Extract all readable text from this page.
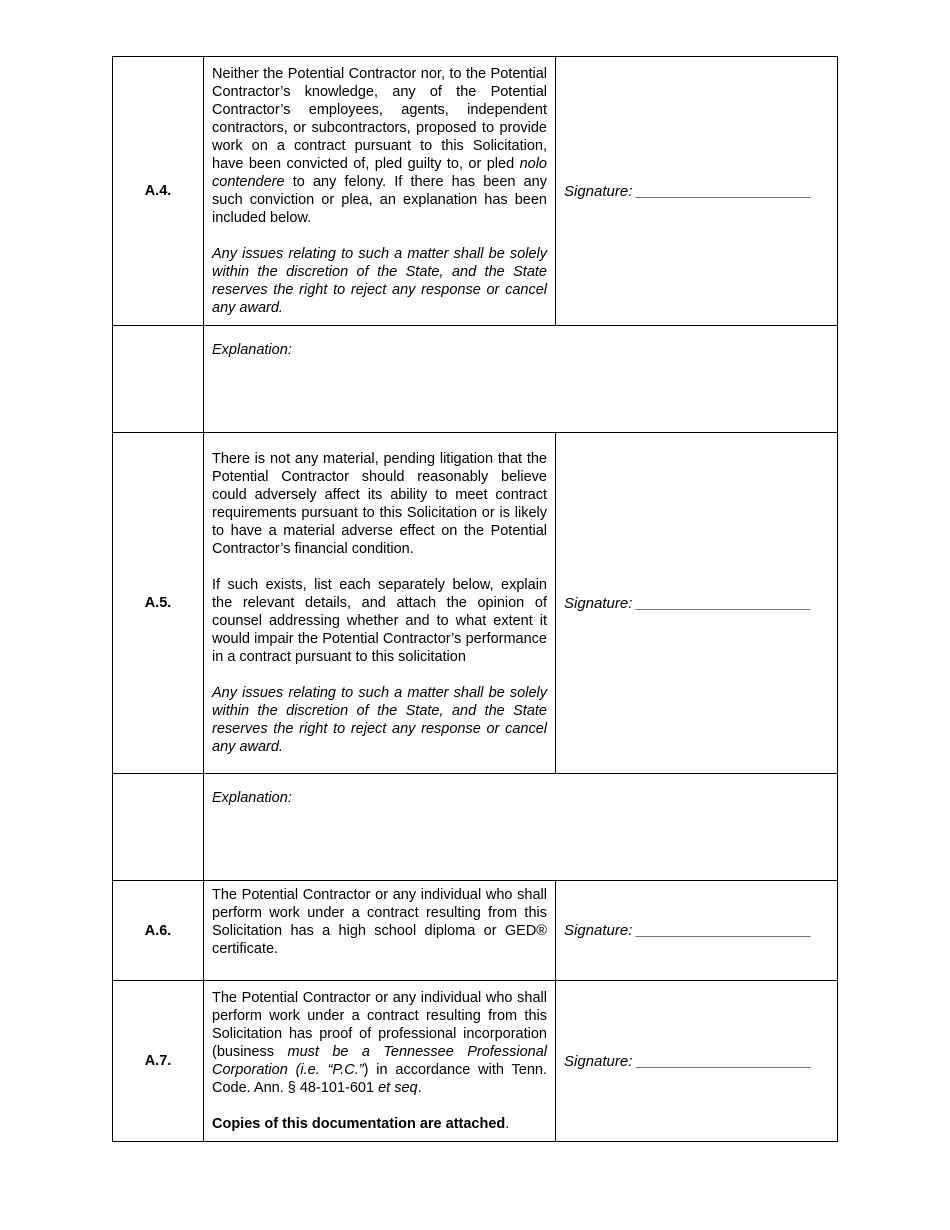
A.4.	Neither the Potential Contractor nor, to the Potential Contractor’s knowledge, any of the Potential Contractor’s employees, agents, independent contractors, or subcontractors, proposed to provide work on a contract pursuant to this Solicitation, have been convicted of, pled guilty to, or pled nolo contendere to any felony. If there has been any such conviction or plea, an explanation has been included below.

Any issues relating to such a matter shall be solely within the discretion of the State, and the State reserves the right to reject any response or cancel any award.	Signature: _____________________
	Explanation:	
A.5.	There is not any material, pending litigation that the Potential Contractor should reasonably believe could adversely affect its ability to meet contract requirements pursuant to this Solicitation or is likely to have a material adverse effect on the Potential Contractor’s financial condition.

If such exists, list each separately below, explain the relevant details, and attach the opinion of counsel addressing whether and to what extent it would impair the Potential Contractor’s performance in a contract pursuant to this solicitation

Any issues relating to such a matter shall be solely within the discretion of the State, and the State reserves the right to reject any response or cancel any award.	Signature: _____________________
	Explanation:	
A.6.	The Potential Contractor or any individual who shall perform work under a contract resulting from this Solicitation has a high school diploma or GED® certificate.	Signature: _____________________
A.7.	The Potential Contractor or any individual who shall perform work under a contract resulting from this Solicitation has proof of professional incorporation (business must be a Tennessee Professional Corporation (i.e. “P.C.”) in accordance with Tenn. Code. Ann. § 48-101-601 et seq.

Copies of this documentation are attached.	Signature: _____________________
